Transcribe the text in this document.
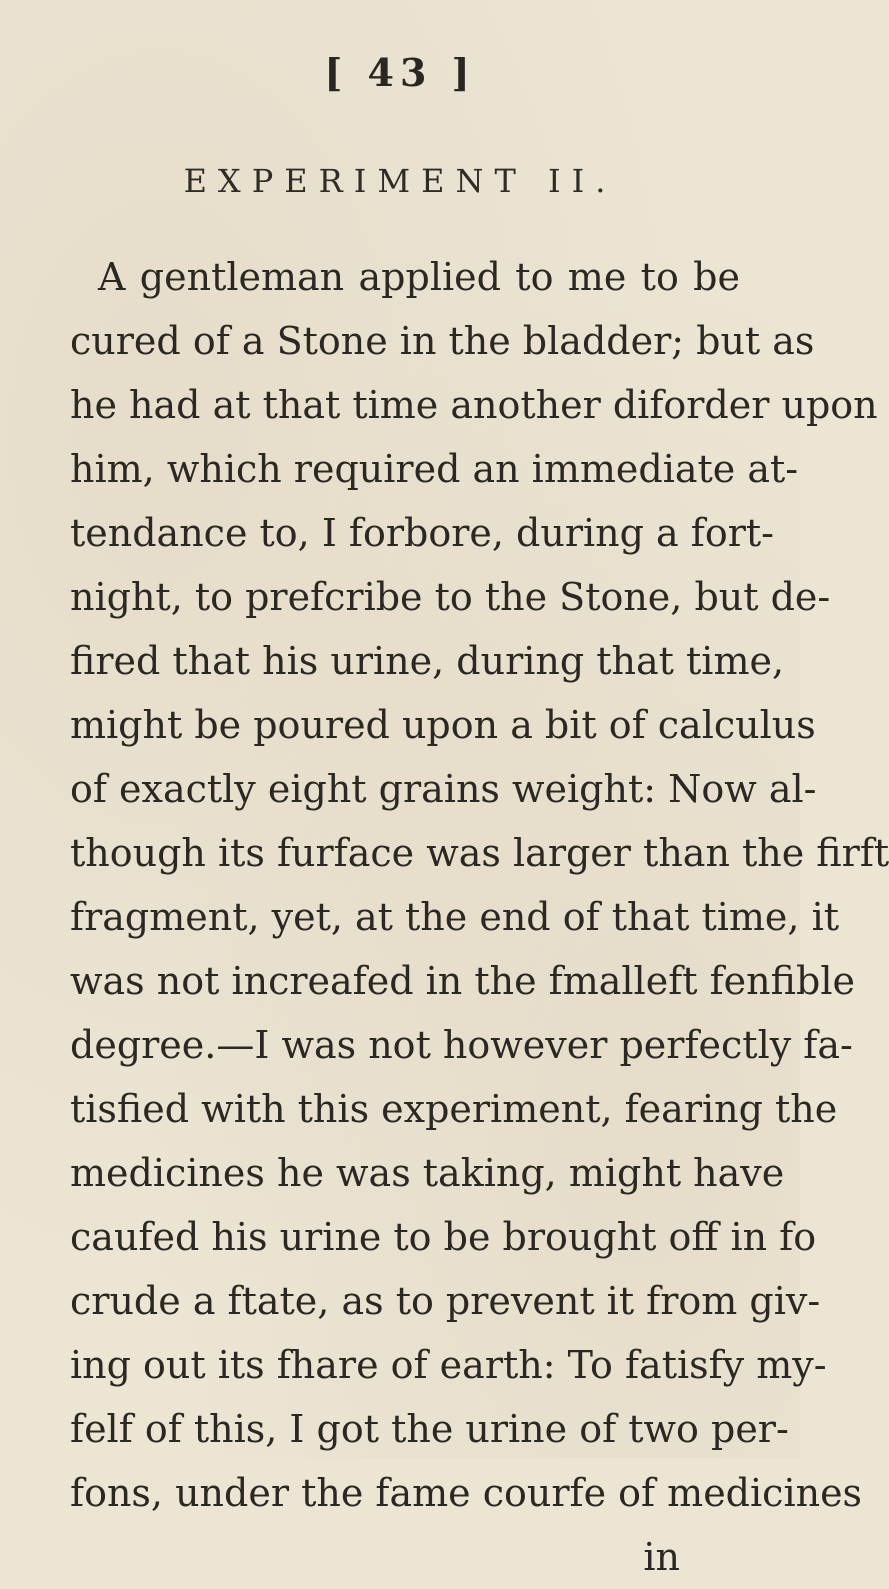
[ 43 ]
EXPERIMENT II.
A gentleman applied to me to be
cured of a Stone in the bladder; but as
he had at that time another diforder upon
him, which required an immediate at-
tendance to, I forbore, during a fort-
night, to prefcribe to the Stone, but de-
fired that his urine, during that time,
might be poured upon a bit of calculus
of exactly eight grains weight: Now al-
though its furface was larger than the firft
fragment, yet, at the end of that time, it
was not increafed in the fmalleft fenfible
degree.—I was not however perfectly fa-
tisfied with this experiment, fearing the
medicines he was taking, might have
caufed his urine to be brought off in fo
crude a ftate, as to prevent it from giv-
ing out its fhare of earth: To fatisfy my-
felf of this, I got the urine of two per-
fons, under the fame courfe of medicines
in
